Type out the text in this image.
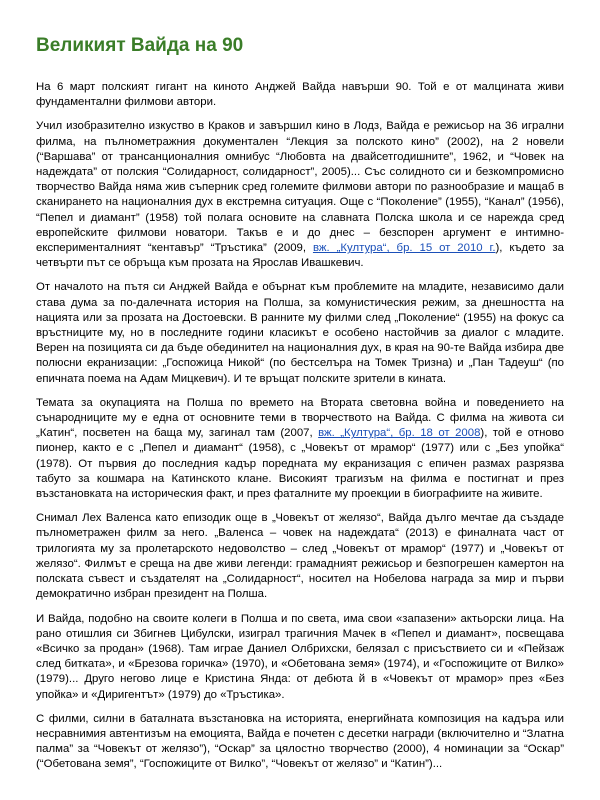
Великият Вайда на 90

На 6 март полският гигант на киното Анджей Вайда навърши 90. Той е от малцината живи фундаментални филмови автори.

Учил изобразително изкуство в Краков и завършил кино в Лодз, Вайда е режисьор на 36 игрални филма, на пълнометражния документален “Лекция за полското кино” (2002), на 2 новели (“Варшава” от трансанционалния омнибус “Любовта на двайсетгодишните”, 1962, и “Човек на надеждата” от полския “Солидарност, солидарност”, 2005)... Със солидното си и безкомпромисно творчество Вайда няма жив съперник сред големите филмови автори по разнообразие и мащаб в сканирането на националния дух в екстремна ситуация. Още с “Поколение” (1955), “Канал” (1956), “Пепел и диамант” (1958) той полага основите на славната Полска школа и се нарежда сред европейските филмови новатори. Такъв е и до днес – безспорен аргумент е интимно-експерименталният “кентавър” “Тръстика” (2009, вж. „Култура“, бр. 15 от 2010 г.), където за четвърти път се обръща към прозата на Ярослав Ивашкевич.

От началото на пътя си Анджей Вайда е обърнат към проблемите на младите, независимо дали става дума за по-далечната история на Полша, за комунистическия режим, за днешността на нацията или за прозата на Достоевски. В ранните му филми след „Поколение“ (1955) на фокус са връстниците му, но в последните години класикът е особено настойчив за диалог с младите. Верен на позицията си да бъде обединител на националния дух, в края на 90-те Вайда избира две полюсни екранизации: „Госпожица Никой“ (по бестселъра на Томек Тризна) и „Пан Тадеуш“ (по епичната поема на Адам Мицкевич). И те връщат полските зрители в кината.

Темата за окупацията на Полша по времето на Втората световна война и поведението на сънародниците му е една от основните теми в творчеството на Вайда. С филма на живота си „Катин“, посветен на баща му, загинал там (2007, вж. „Култура“, бр. 18 от 2008), той е отново пионер, както е с „Пепел и диамант“ (1958), с „Човекът от мрамор“ (1977) или с „Без упойка“ (1978). От първия до последния кадър поредната му екранизация с епичен размах разрязва табуто за кошмара на Катинското клане. Високият трагизъм на филма е постигнат и през възстановката на историческия факт, и през фаталните му проекции в биографиите на живите.

Снимал Лех Валенса като епизодик още в „Човекът от желязо“, Вайда дълго мечтае да създаде пълнометражен филм за него. „Валенса – човек на надеждата“ (2013) е финалната част от трилогията му за пролетарското недоволство – след „Човекът от мрамор“ (1977) и „Човекът от желязо“. Филмът е среща на две живи легенди: грамадният режисьор и безпогрешен камертон на полската съвест и създателят на „Солидарност“, носител на Нобелова награда за мир и първи демократично избран президент на Полша.

И Вайда, подобно на своите колеги в Полша и по света, има свои «запазени» актьорски лица. На рано отишлия си Збигнев Цибулски, изиграл трагичния Мачек в «Пепел и диамант», посвещава «Всичко за продан» (1968). Там играе Даниел Олбрихски, белязал с присъствието си и «Пейзаж след битката», и «Брезова горичка» (1970), и «Обетована земя» (1974), и «Госпожиците от Вилко» (1979)... Друго негово лице е Кристина Янда: от дебюта й в «Човекът от мрамор» през «Без упойка» и «Диригентът» (1979) до «Тръстика».

С филми, силни в баталната възстановка на историята, енергийната композиция на кадъра или несравнимия автентизъм на емоцията, Вайда е почетен с десетки награди (включително и “Златна палма” за “Човекът от желязо”), “Оскар” за цялостно творчество (2000), 4 номинации за “Оскар” (“Обетована земя”, “Госпожиците от Вилко”, “Човекът от желязо” и “Катин”)...
